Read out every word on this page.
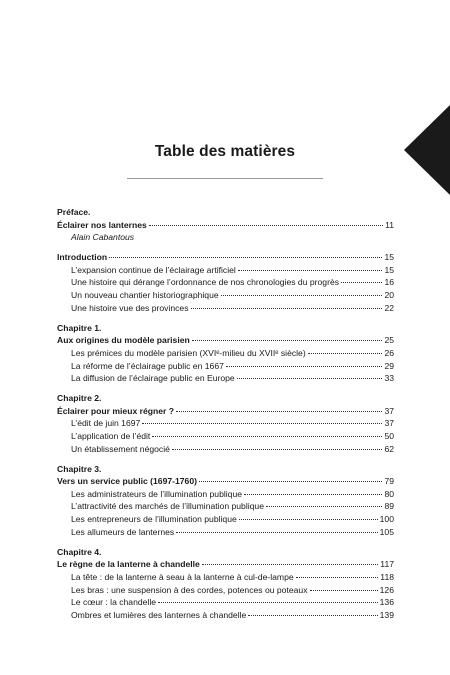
Table des matières
Préface.
Éclairer nos lanternes	11
Alain Cabantous
Introduction	15
L’expansion continue de l’éclairage artificiel	15
Une histoire qui dérange l’ordonnance de nos chronologies du progrès	16
Un nouveau chantier historiographique	20
Une histoire vue des provinces	22
Chapitre 1.
Aux origines du modèle parisien	25
Les prémices du modèle parisien (XVIᵉ-milieu du XVIIᵉ siècle)	26
La réforme de l’éclairage public en 1667	29
La diffusion de l’éclairage public en Europe	33
Chapitre 2.
Éclairer pour mieux régner ?	37
L’édit de juin 1697	37
L’application de l’édit	50
Un établissement négocié	62
Chapitre 3.
Vers un service public (1697-1760)	79
Les administrateurs de l’illumination publique	80
L’attractivité des marchés de l’illumination publique	89
Les entrepreneurs de l’illumination publique	100
Les allumeurs de lanternes	105
Chapitre 4.
Le règne de la lanterne à chandelle	117
La tête : de la lanterne à seau à la lanterne à cul-de-lampe	118
Les bras : une suspension à des cordes, potences ou poteaux	126
Le cœur : la chandelle	136
Ombres et lumières des lanternes à chandelle	139
